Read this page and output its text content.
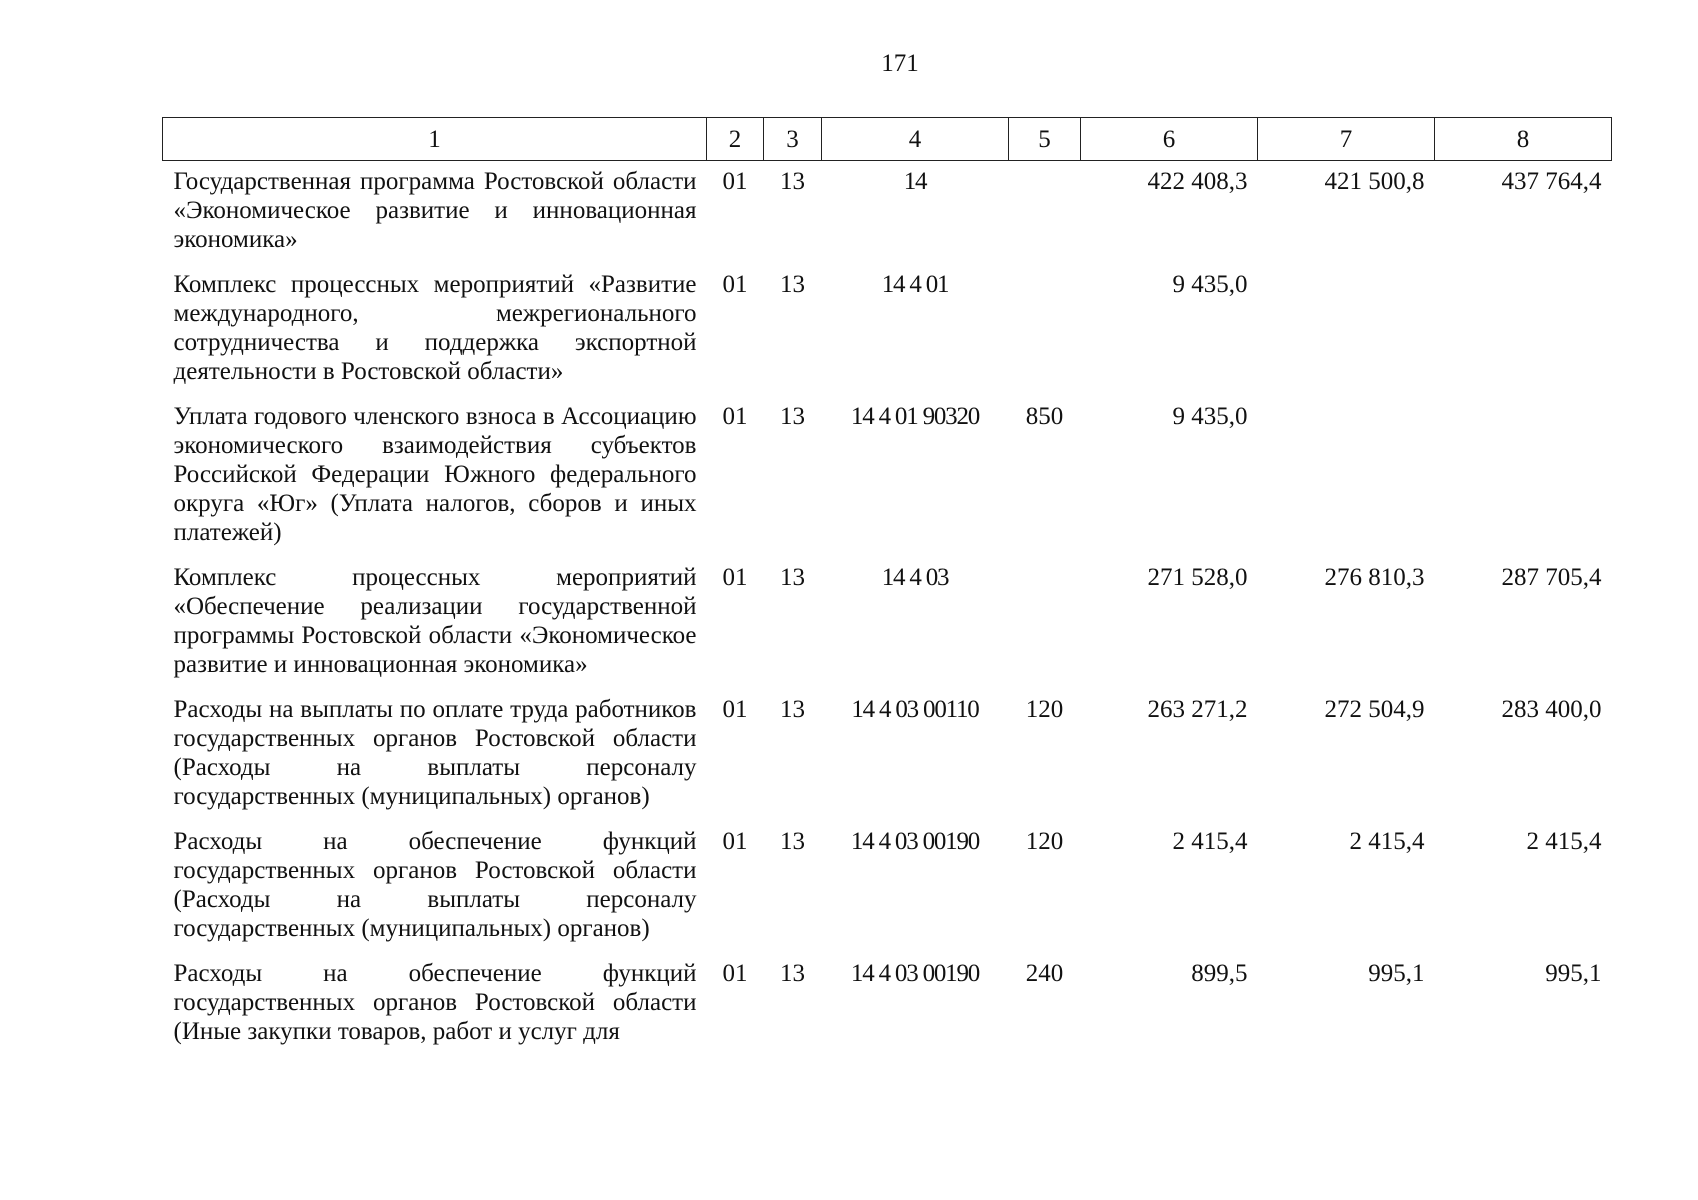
171
1	2	3	4	5	6	7	8
Государственная программа Ростовской области «Экономическое развитие и инновационная экономика»	01	13	14		422 408,3	421 500,8	437 764,4
Комплекс процессных мероприятий «Развитие международного, межрегионального сотрудничества и поддержка экспортной деятельности в Ростовской области»	01	13	14 4 01		9 435,0		
Уплата годового членского взноса в Ассоциацию экономического взаимодействия субъектов Российской Федерации Южного федерального округа «Юг» (Уплата налогов, сборов и иных платежей)	01	13	14 4 01 90320	850	9 435,0		
Комплекс процессных мероприятий «Обеспечение реализации государственной программы Ростовской области «Экономическое развитие и инновационная экономика»	01	13	14 4 03		271 528,0	276 810,3	287 705,4
Расходы на выплаты по оплате труда работников государственных органов Ростовской области (Расходы на выплаты персоналу государственных (муниципальных) органов)	01	13	14 4 03 00110	120	263 271,2	272 504,9	283 400,0
Расходы на обеспечение функций государственных органов Ростовской области (Расходы на выплаты персоналу государственных (муниципальных) органов)	01	13	14 4 03 00190	120	2 415,4	2 415,4	2 415,4
Расходы на обеспечение функций государственных органов Ростовской области (Иные закупки товаров, работ и услуг для	01	13	14 4 03 00190	240	899,5	995,1	995,1
